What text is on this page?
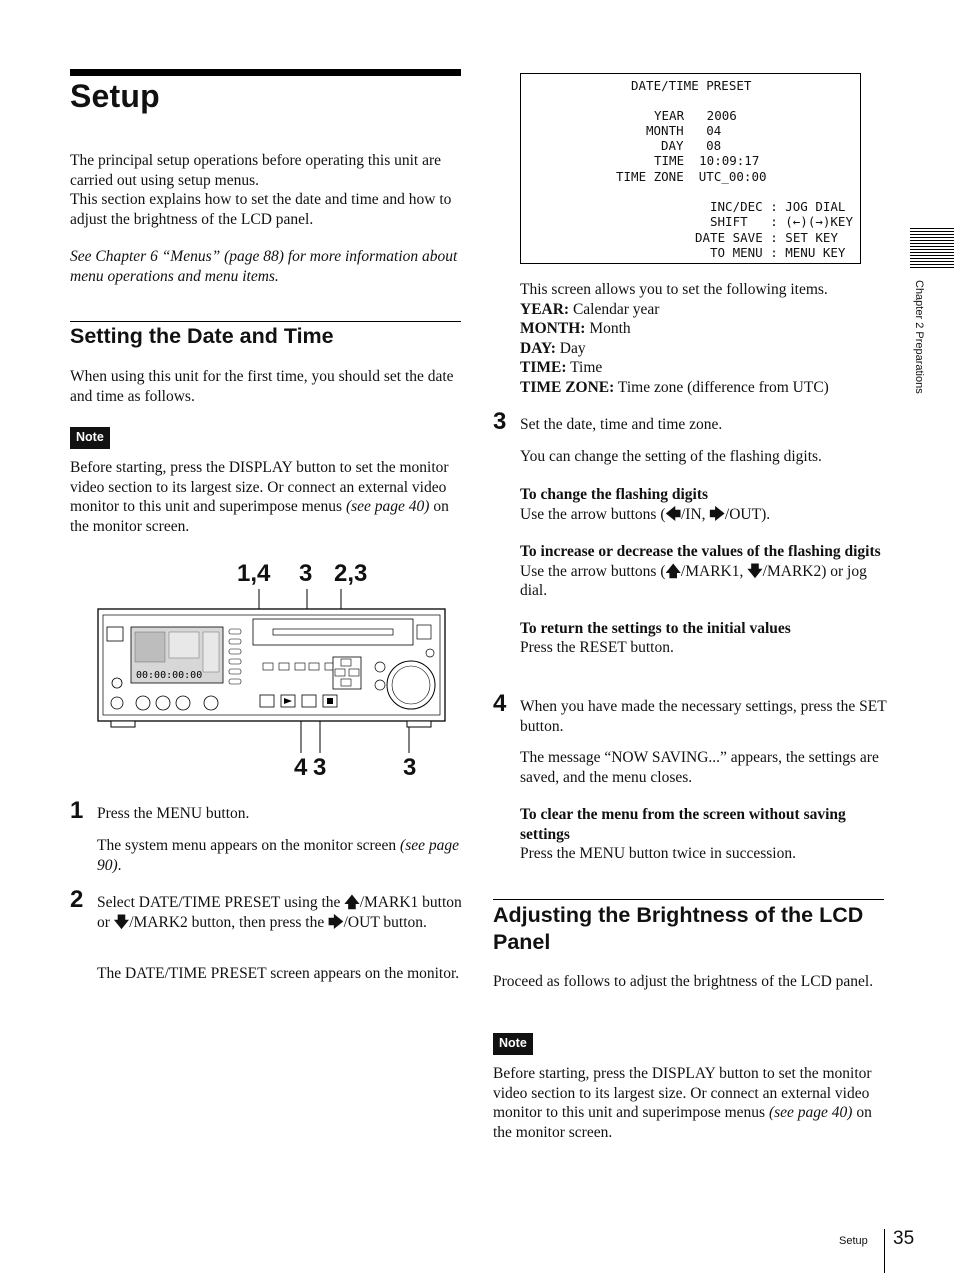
Setup

The principal setup operations before operating this unit are carried out using setup menus.

This section explains how to set the date and time and how to adjust the brightness of the LCD panel.

See Chapter 6 “Menus” (page 88) for more information about menu operations and menu items.

Setting the Date and Time
When using this unit for the first time, you should set the date and time as follows.
Note
Before starting, press the DISPLAY button to set the monitor video section to its largest size. Or connect an external video monitor to this unit and superimpose menus (see page 40) on the monitor screen.
1,4 3 2,3
4 3	3
00:00:00:00
1 Press the MENU button.
The system menu appears on the monitor screen (see page 90).
2 Select DATE/TIME PRESET using the 🡅/MARK1 button or 🡇/MARK2 button, then press the 🡆/OUT button.
The DATE/TIME PRESET screen appears on the monitor.
DATE/TIME PRESET
YEAR   2006
MONTH   04
DAY   08
TIME  10:09:17
TIME ZONE  UTC_00:00
INC/DEC : JOG DIAL
SHIFT   : (←)(→)KEY
DATE SAVE : SET KEY
TO MENU : MENU KEY

This screen allows you to set the following items.

YEAR: Calendar year

MONTH: Month

DAY: Day

TIME: Time

TIME ZONE: Time zone (difference from UTC)

3 Set the date, time and time zone.

You can change the setting of the flashing digits.

To change the flashing digits

Use the arrow buttons (🡄/IN, 🡆/OUT).

To increase or decrease the values of the flashing digits

Use the arrow buttons (🡅/MARK1, 🡇/MARK2) or jog dial.

To return the settings to the initial values

Press the RESET button.

4 When you have made the necessary settings, press the SET button.

The message “NOW SAVING...” appears, the settings are saved, and the menu closes.

To clear the menu from the screen without saving settings

Press the MENU button twice in succession.

Adjusting the Brightness of the LCD
Panel
Proceed as follows to adjust the brightness of the LCD panel.
Note
Before starting, press the DISPLAY button to set the monitor video section to its largest size. Or connect an external video monitor to this unit and superimpose menus (see page 40) on the monitor screen.
Chapter 2 Preparations
Setup 35
